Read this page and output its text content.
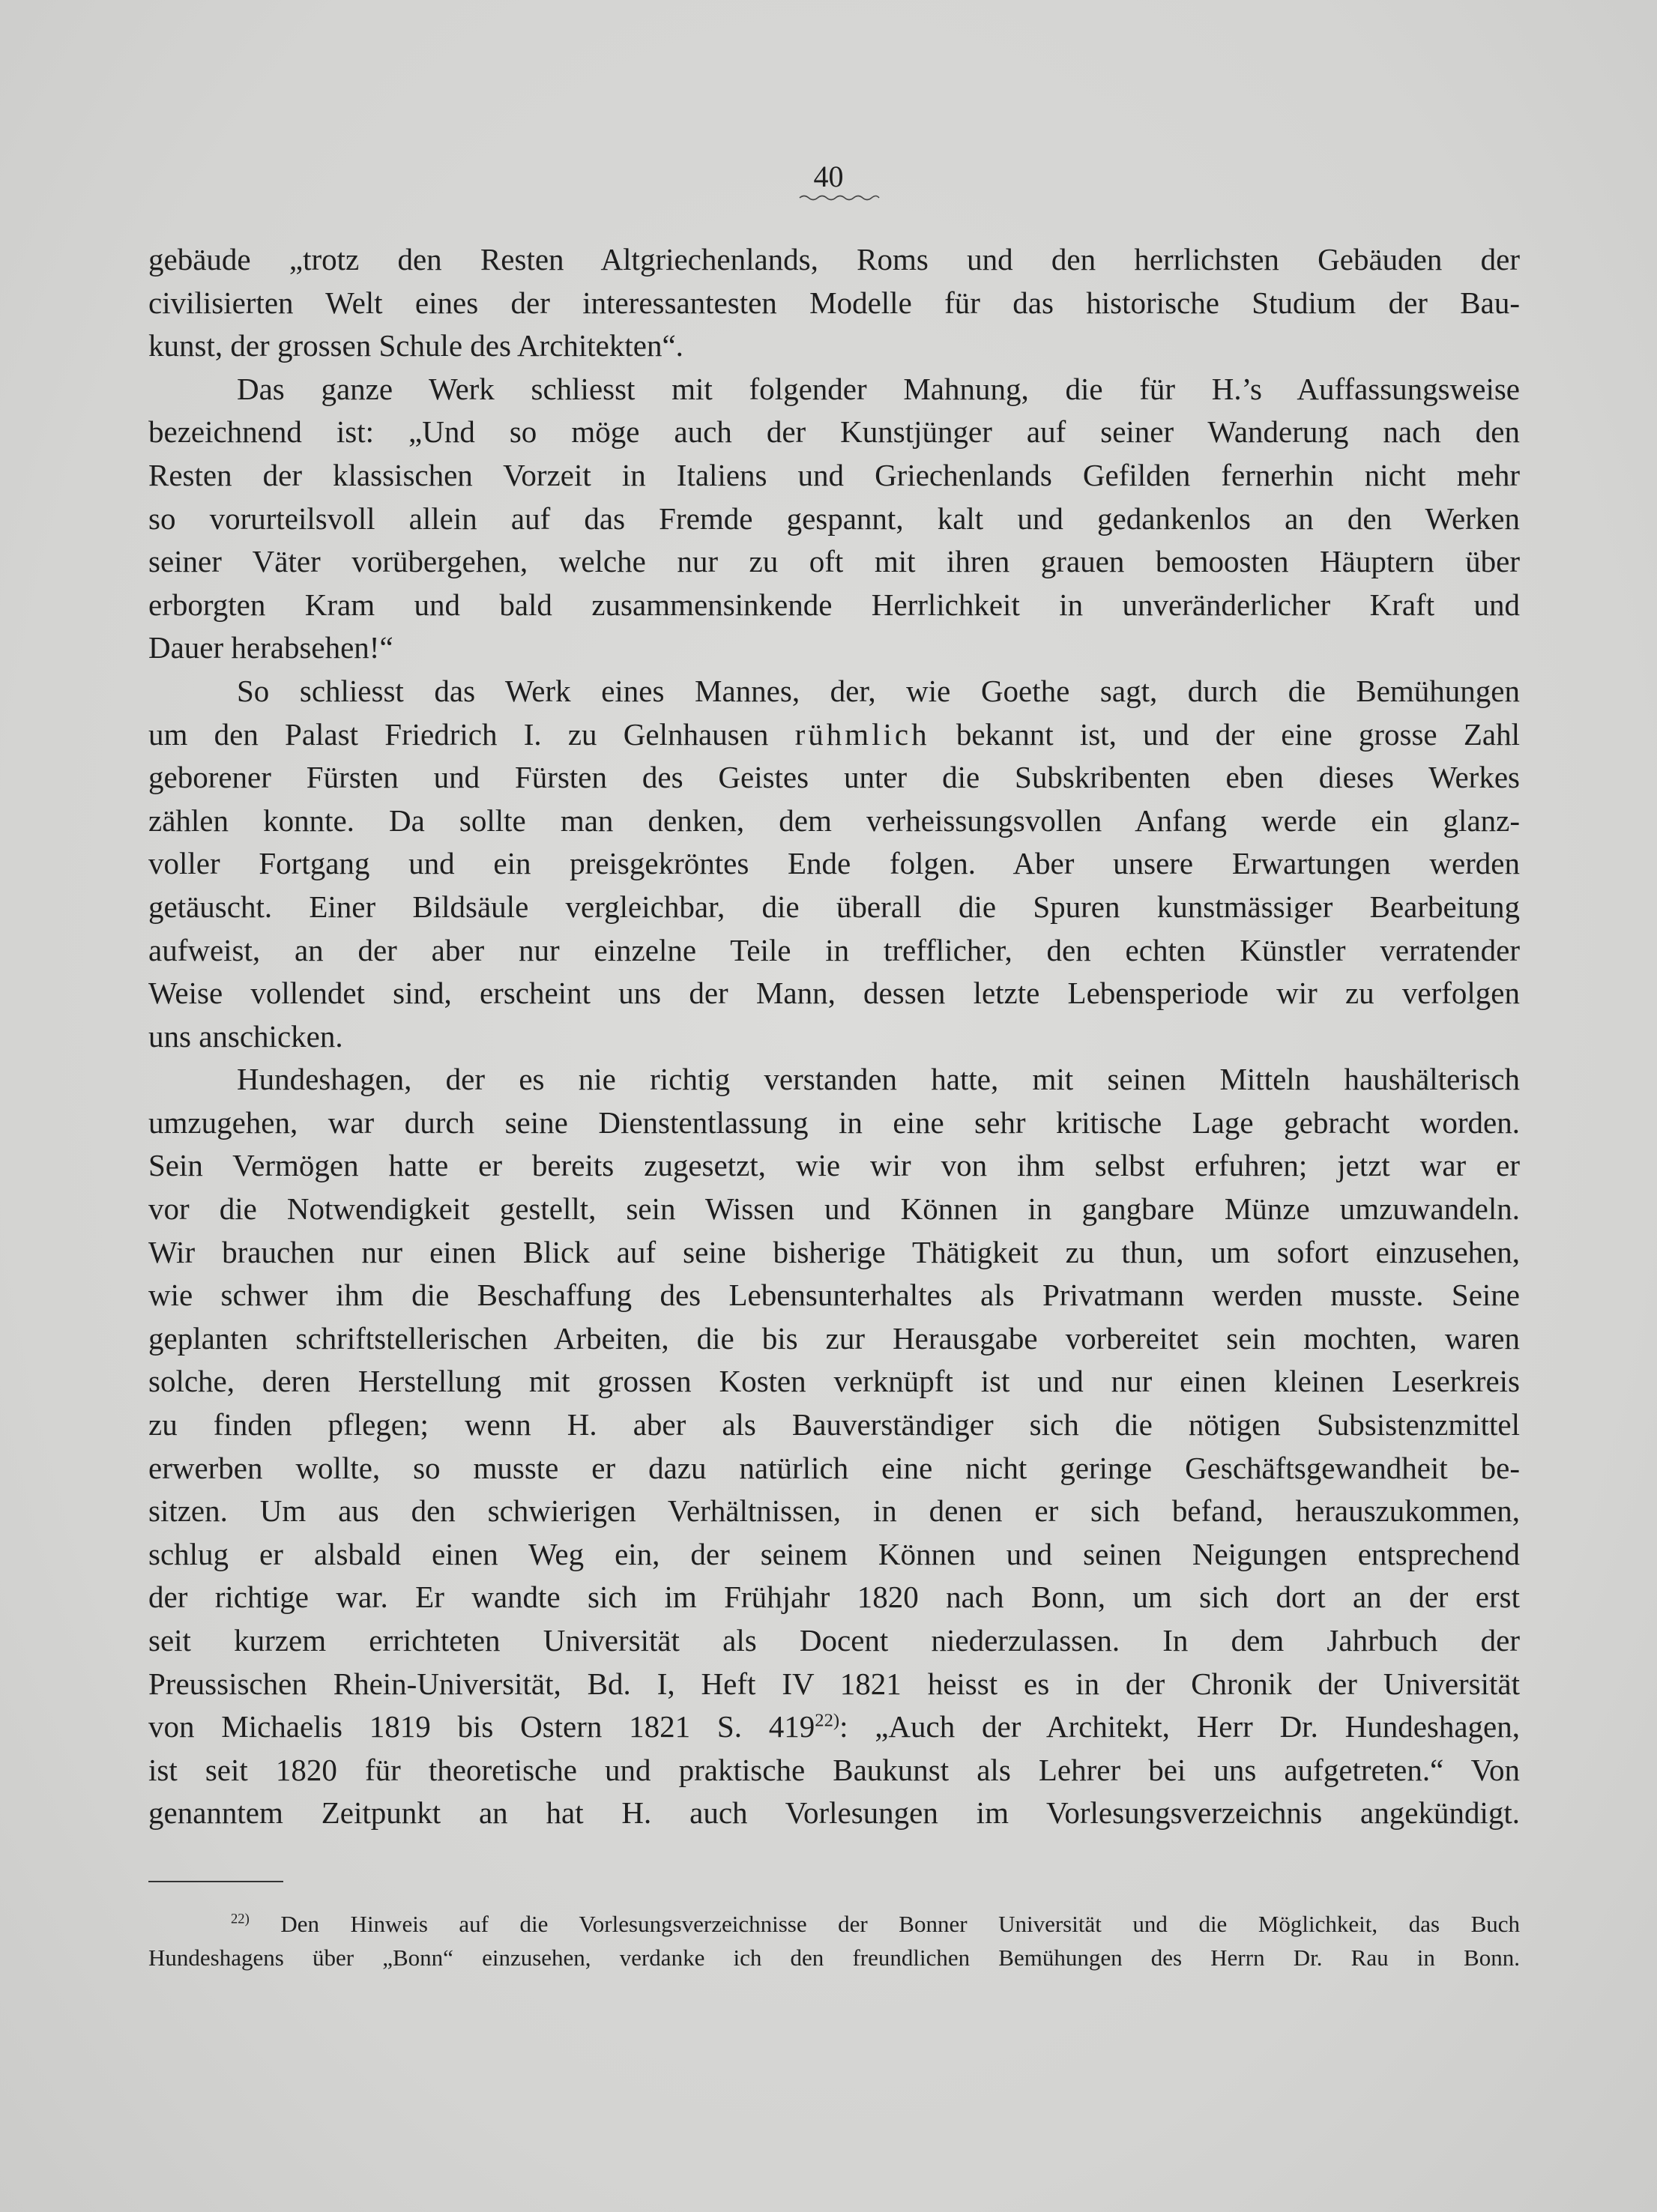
40
gebäude „trotz den Resten Altgriechenlands, Roms und den herrlichsten Gebäuden der
civilisierten Welt eines der interessantesten Modelle für das historische Studium der Bau-
kunst, der grossen Schule des Architekten“.
Das ganze Werk schliesst mit folgender Mahnung, die für H.’s Auffassungsweise
bezeichnend ist: „Und so möge auch der Kunstjünger auf seiner Wanderung nach den
Resten der klassischen Vorzeit in Italiens und Griechenlands Gefilden fernerhin nicht mehr
so vorurteilsvoll allein auf das Fremde gespannt, kalt und gedankenlos an den Werken
seiner Väter vorübergehen, welche nur zu oft mit ihren grauen bemoosten Häuptern über
erborgten Kram und bald zusammensinkende Herrlichkeit in unveränderlicher Kraft und
Dauer herabsehen!“
So schliesst das Werk eines Mannes, der, wie Goethe sagt, durch die Bemühungen
um den Palast Friedrich I. zu Gelnhausen rühmlich bekannt ist, und der eine grosse Zahl
geborener Fürsten und Fürsten des Geistes unter die Subskribenten eben dieses Werkes
zählen konnte. Da sollte man denken, dem verheissungsvollen Anfang werde ein glanz-
voller Fortgang und ein preisgekröntes Ende folgen. Aber unsere Erwartungen werden
getäuscht. Einer Bildsäule vergleichbar, die überall die Spuren kunstmässiger Bearbeitung
aufweist, an der aber nur einzelne Teile in trefflicher, den echten Künstler verratender
Weise vollendet sind, erscheint uns der Mann, dessen letzte Lebensperiode wir zu verfolgen
uns anschicken.
Hundeshagen, der es nie richtig verstanden hatte, mit seinen Mitteln haushälterisch
umzugehen, war durch seine Dienstentlassung in eine sehr kritische Lage gebracht worden.
Sein Vermögen hatte er bereits zugesetzt, wie wir von ihm selbst erfuhren; jetzt war er
vor die Notwendigkeit gestellt, sein Wissen und Können in gangbare Münze umzuwandeln.
Wir brauchen nur einen Blick auf seine bisherige Thätigkeit zu thun, um sofort einzusehen,
wie schwer ihm die Beschaffung des Lebensunterhaltes als Privatmann werden musste. Seine
geplanten schriftstellerischen Arbeiten, die bis zur Herausgabe vorbereitet sein mochten, waren
solche, deren Herstellung mit grossen Kosten verknüpft ist und nur einen kleinen Leserkreis
zu finden pflegen; wenn H. aber als Bauverständiger sich die nötigen Subsistenzmittel
erwerben wollte, so musste er dazu natürlich eine nicht geringe Geschäftsgewandheit be-
sitzen. Um aus den schwierigen Verhältnissen, in denen er sich befand, herauszukommen,
schlug er alsbald einen Weg ein, der seinem Können und seinen Neigungen entsprechend
der richtige war. Er wandte sich im Frühjahr 1820 nach Bonn, um sich dort an der erst
seit kurzem errichteten Universität als Docent niederzulassen. In dem Jahrbuch der
Preussischen Rhein-Universität, Bd. I, Heft IV 1821 heisst es in der Chronik der Universität
von Michaelis 1819 bis Ostern 1821 S. 419$^{22)}$: „Auch der Architekt, Herr Dr. Hundeshagen,
ist seit 1820 für theoretische und praktische Baukunst als Lehrer bei uns aufgetreten.“ Von
genanntem Zeitpunkt an hat H. auch Vorlesungen im Vorlesungsverzeichnis angekündigt.
$^{22)}$ Den Hinweis auf die Vorlesungsverzeichnisse der Bonner Universität und die Möglichkeit, das Buch
Hundeshagens über „Bonn“ einzusehen, verdanke ich den freundlichen Bemühungen des Herrn Dr. Rau in Bonn.
